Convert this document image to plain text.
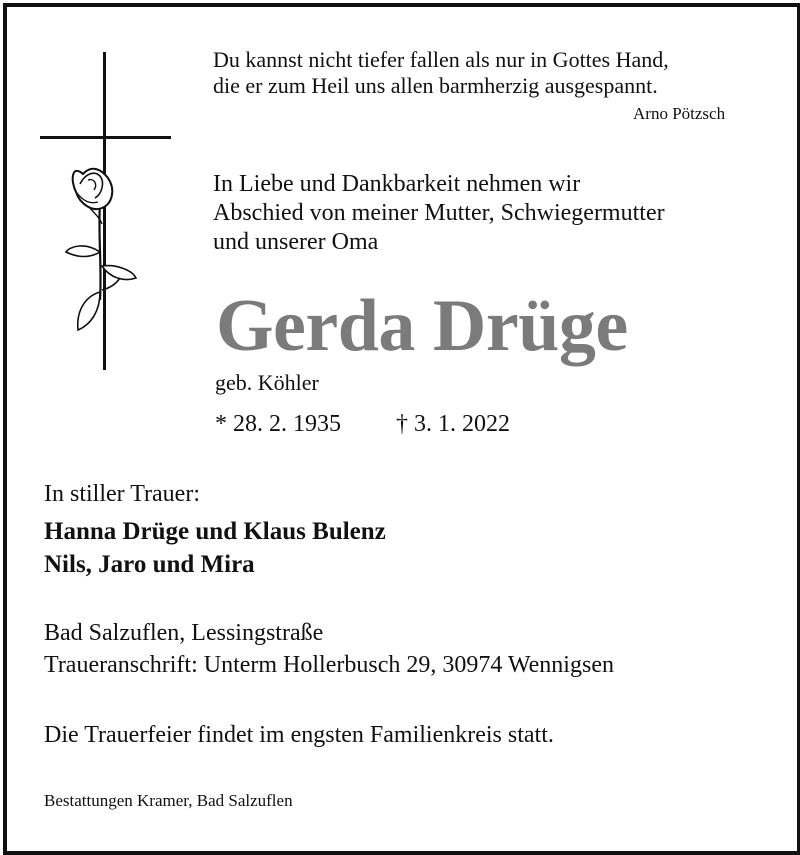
Du kannst nicht tiefer fallen als nur in Gottes Hand,
die er zum Heil uns allen barmherzig ausgespannt.
Arno Pötzsch
In Liebe und Dankbarkeit nehmen wir
Abschied von meiner Mutter, Schwiegermutter
und unserer Oma
Gerda Drüge
geb. Köhler
* 28. 2. 1935 † 3. 1. 2022
In stiller Trauer:
Hanna Drüge und Klaus Bulenz
Nils, Jaro und Mira
Bad Salzuflen, Lessingstraße
Traueranschrift: Unterm Hollerbusch 29, 30974 Wennigsen
Die Trauerfeier findet im engsten Familienkreis statt.
Bestattungen Kramer, Bad Salzuflen
